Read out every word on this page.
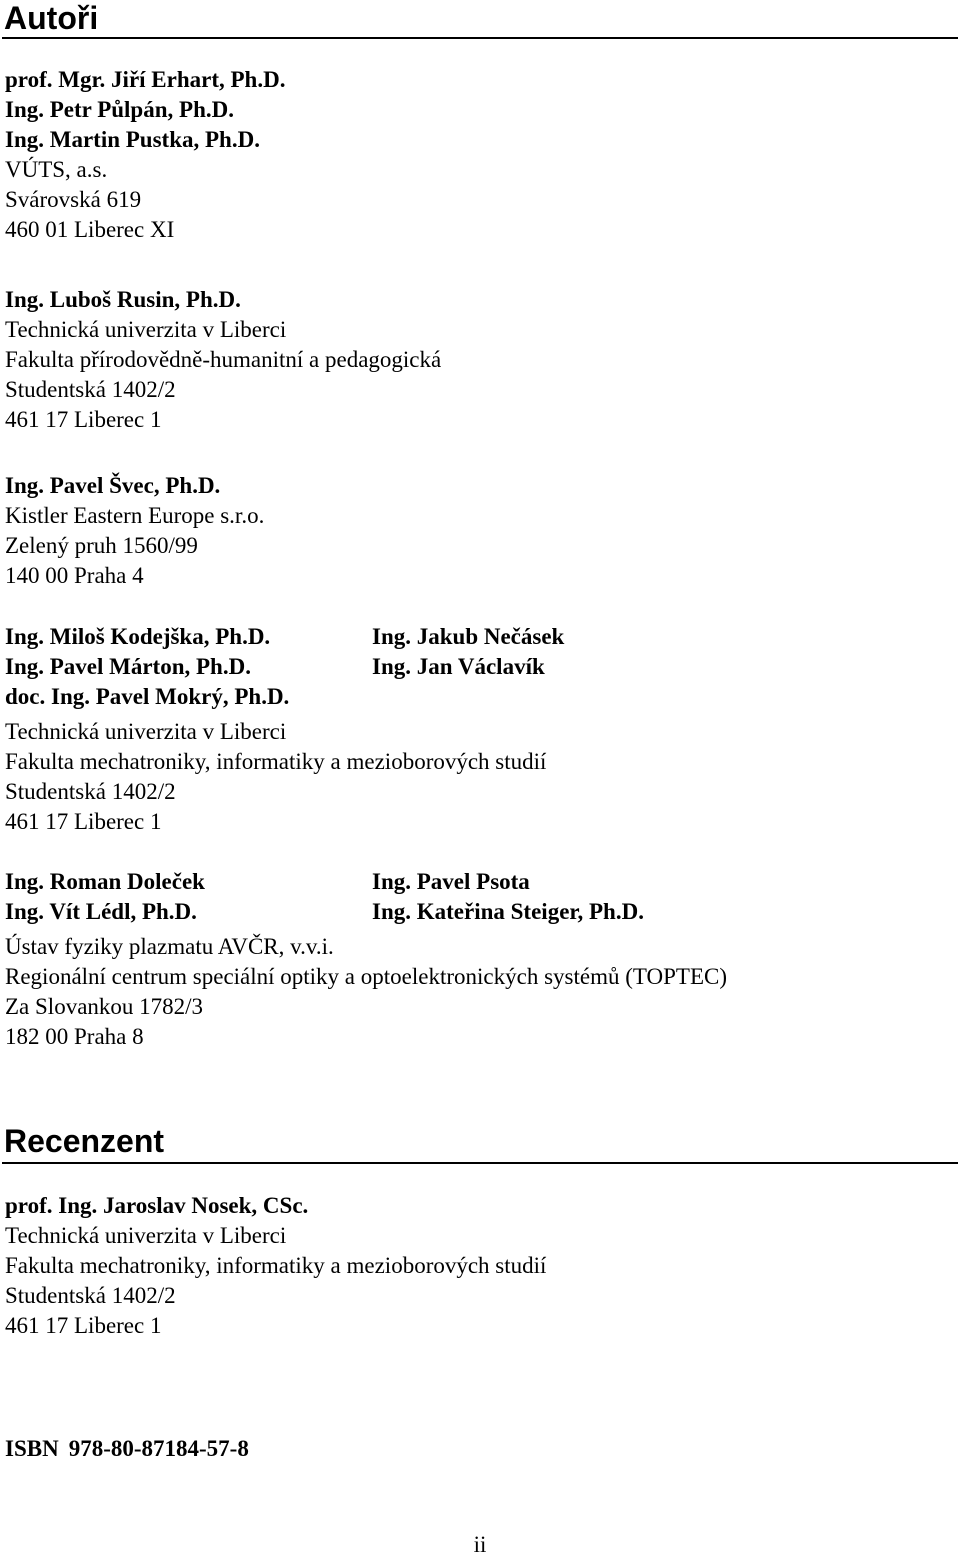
Autoři
prof. Mgr. Jiří Erhart, Ph.D.
Ing. Petr Půlpán, Ph.D.
Ing. Martin Pustka, Ph.D.
VÚTS, a.s.
Svárovská 619
460 01 Liberec XI
Ing. Luboš Rusin, Ph.D.
Technická univerzita v Liberci
Fakulta přírodovědně-humanitní a pedagogická
Studentská 1402/2
461 17 Liberec 1
Ing. Pavel Švec, Ph.D.
Kistler Eastern Europe s.r.o.
Zelený pruh 1560/99
140 00 Praha 4
Ing. Miloš Kodejška, Ph.D.
Ing. Pavel Márton, Ph.D.
doc. Ing. Pavel Mokrý, Ph.D.
Ing. Jakub Nečásek
Ing. Jan Václavík
Technická univerzita v Liberci
Fakulta mechatroniky, informatiky a mezioborových studií
Studentská 1402/2
461 17 Liberec 1
Ing. Roman Doleček
Ing. Vít Lédl, Ph.D.
Ing. Pavel Psota
Ing. Kateřina Steiger, Ph.D.
Ústav fyziky plazmatu AVČR, v.v.i.
Regionální centrum speciální optiky a optoelektronických systémů (TOPTEC)
Za Slovankou 1782/3
182 00 Praha 8
Recenzent
prof. Ing. Jaroslav Nosek, CSc.
Technická univerzita v Liberci
Fakulta mechatroniky, informatiky a mezioborových studií
Studentská 1402/2
461 17 Liberec 1
ISBN 978-80-87184-57-8
ii
